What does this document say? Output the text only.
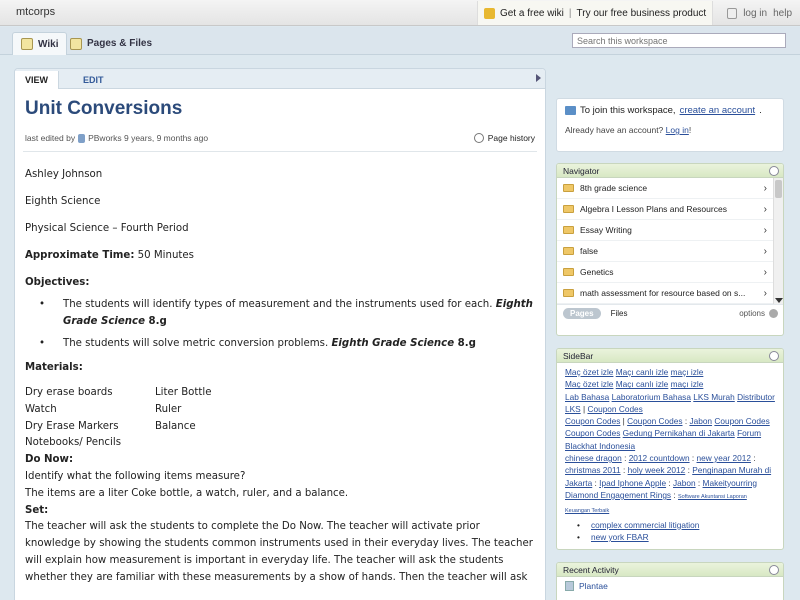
mtcorps	Get a free wiki | Try our free business product	log in help
Wiki	Pages & Files
Search this workspace
VIEW	EDIT
Unit Conversions
last edited by PBworks 9 years, 9 months ago	Page history

Ashley Johnson

Eighth Science

Physical Science – Fourth Period

Approximate Time: 50 Minutes

Objectives:

• The students will identify types of measurement and the instruments used for each. Eighth Grade Science 8.g
• The students will solve metric conversion problems. Eighth Grade Science 8.g

Materials:

Dry erase boards	Liter Bottle
Watch	Ruler
Dry Erase Markers	Balance
Notebooks/ Pencils

Do Now:

Identify what the following items measure?

The items are a liter Coke bottle, a watch, ruler, and a balance.

Set:

The teacher will ask the students to complete the Do Now. The teacher will activate prior knowledge by showing the students common instruments used in their everyday lives. The teacher will explain how measurement is important in everyday life. The teacher will ask the students whether they are familiar with these measurements by a show of hands. Then the teacher will ask

To join this workspace, create an account .
Already have an account? Log in!
Navigator
8th grade science	›
Algebra I Lesson Plans and Resources	›
Essay Writing	›
false	›
Genetics	›
math assessment for resource based on s...	›
Pages	Files	options
SideBar
Maç özet izle Maçı canlı izle maçı izle
Maç özet izle Maçı canlı izle maçı izle
Lab Bahasa Laboratorium Bahasa LKS Murah Distributor
LKS | Coupon Codes
Coupon Codes | Coupon Codes : Jabon Coupon Codes
Coupon Codes Gedung Pernikahan di Jakarta Forum
Blackhat Indonesia
chinese dragon : 2012 countdown : new year 2012 :
christmas 2011 : holy week 2012 : Penginapan Murah di
Jakarta : Ipad Iphone Apple : Jabon : Makeityourring
Diamond Engagement Rings : Software Akuntansi Laporan
Keuangan Terbaik
• complex commercial litigation
• new york FBAR
Recent Activity
Plantae
